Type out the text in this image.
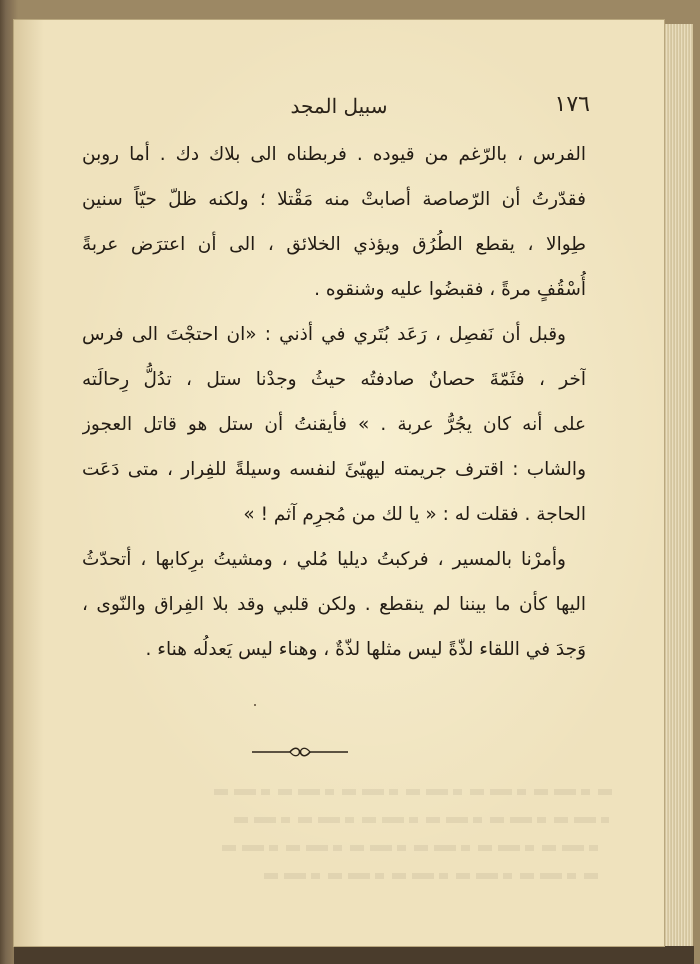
سبيل المجد	١٧٦
الفرس ، بالرّغم من قيوده . فربطناه الى بلاك دك . أما روبن
فقدّرتُ أن الرّصاصة أصابتْ منه مَقْتلا ؛ ولكنه ظلّ حيّاً سنين
طِوالا ، يقطع الطُرُق ويؤذي الخلائق ، الى أن اعترَض عربةً
أُسْقُفٍ مرةً ، فقبضُوا عليه وشنقوه .
وقبل أن نَفصِل ، رَعَد بُتَري في أذني : «ان احتجْتَ الى فرس
آخر ، فثَمّةَ حصانٌ صادفتُه حيثُ وجدْنا ستل ، تدُلُّ رِحالَته
على أنه كان يجُرُّ عربة . » فأيقنتُ أن ستل هو قاتل العجوز
والشاب : اقترف جريمته ليهيّئَ لنفسه وسيلةً للفِرار ، متى دَعَت
الحاجة . فقلت له : « يا لك من مُجرِم آثم ! »
وأمرْنا بالمسير ، فركبتُ ديليا مُلي ، ومشيتُ برِكابها ، أتحدّثُ
اليها كأن ما بيننا لم ينقطع . ولكن قلبي وقد بلا الفِراق والنّوى ،
وَجدَ في اللقاء لذّةً ليس مثلها لذّةٌ ، وهناء ليس يَعدلُه هناء .
